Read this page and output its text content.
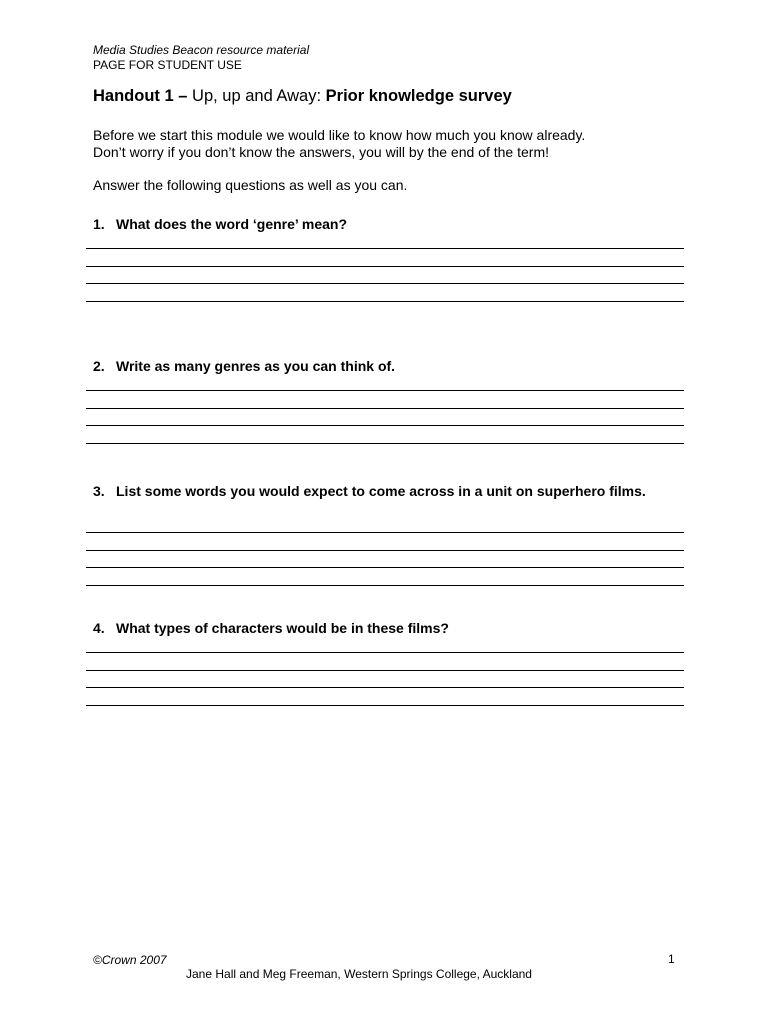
Media Studies Beacon resource material
PAGE FOR STUDENT USE
Handout 1 – Up, up and Away: Prior knowledge survey
Before we start this module we would like to know how much you know already.
Don’t worry if you don’t know the answers, you will by the end of the term!
Answer the following questions as well as you can.
1. What does the word ‘genre’ mean?
2. Write as many genres as you can think of.
3. List some words you would expect to come across in a unit on superhero films.
4. What types of characters would be in these films?
©Crown 2007	1
Jane Hall and Meg Freeman, Western Springs College, Auckland
